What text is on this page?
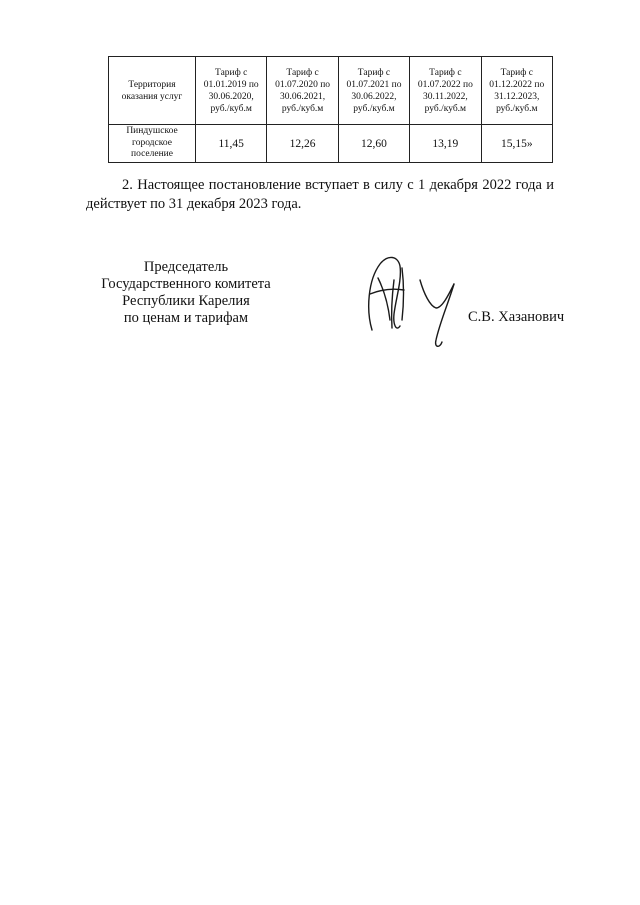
Территория
оказания услуг	Тариф с
01.01.2019 по
30.06.2020,
руб./куб.м	Тариф с
01.07.2020 по
30.06.2021,
руб./куб.м	Тариф с
01.07.2021 по
30.06.2022,
руб./куб.м	Тариф с
01.07.2022 по
30.11.2022,
руб./куб.м	Тариф с
01.12.2022 по
31.12.2023,
руб./куб.м

Пиндушское
городское
поселение	11,45	12,26	12,60	13,19	15,15»

2. Настоящее постановление вступает в силу с 1 декабря 2022 года и
действует по 31 декабря 2023 года.

Председатель
Государственного комитета
Республики Карелия
по ценам и тарифам	С.В. Хазанович
